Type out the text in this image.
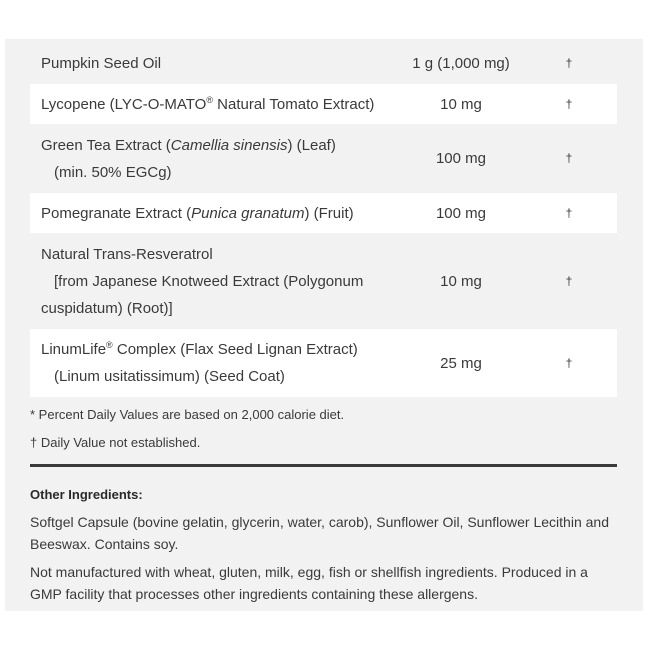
Pumpkin Seed Oil	1 g (1,000 mg)	†
Lycopene (LYC-O-MATO® Natural Tomato Extract)	10 mg	†
Green Tea Extract (Camellia sinensis) (Leaf)
(min. 50% EGCg)	100 mg	†
Pomegranate Extract (Punica granatum) (Fruit)	100 mg	†
Natural Trans-Resveratrol
[from Japanese Knotweed Extract (Polygonum
cuspidatum) (Root)]	10 mg	†
LinumLife® Complex (Flax Seed Lignan Extract)
(Linum usitatissimum) (Seed Coat)	25 mg	†
* Percent Daily Values are based on 2,000 calorie diet.
† Daily Value not established.
Other Ingredients:
Softgel Capsule (bovine gelatin, glycerin, water, carob), Sunflower Oil, Sunflower Lecithin and Beeswax. Contains soy.
Not manufactured with wheat, gluten, milk, egg, fish or shellfish ingredients. Produced in a GMP facility that processes other ingredients containing these allergens.
